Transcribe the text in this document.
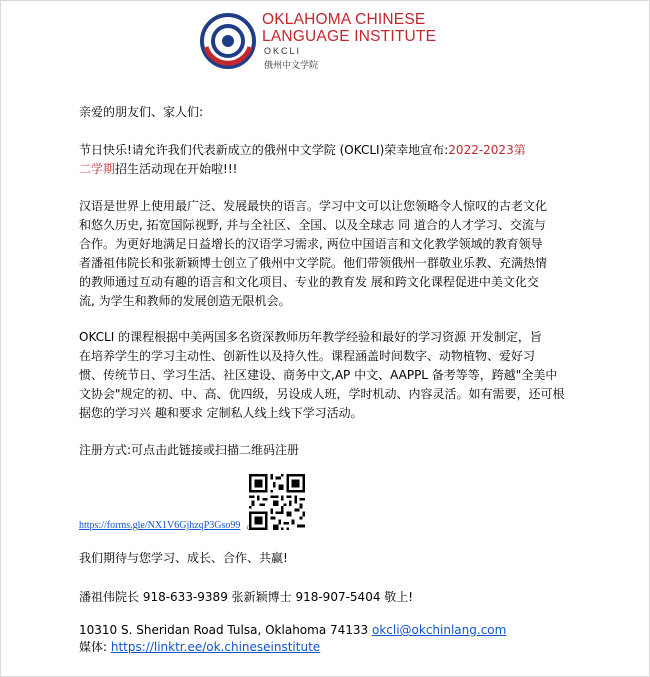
OKLAHOMA CHINESE
LANGUAGE INSTITUTE
OKCLI
俄州中文学院
亲爱的朋友们、家人们:
节日快乐!请允许我们代表新成立的俄州中文学院 (OKCLI)荣幸地宣布:2022-2023第
二学期招生活动现在开始啦!!!
汉语是世界上使用最广泛、发展最快的语言。学习中文可以让您领略令人惊叹的古老文化
和悠久历史, 拓宽国际视野, 并与全社区、全国、以及全球志 同 道合的人才学习、交流与
合作。为更好地满足日益增长的汉语学习需求, 两位中国语言和文化教学领域的教育领导
者潘祖伟院长和张新颖博士创立了俄州中文学院。他们带领俄州一群敬业乐教、充满热情
的教师通过互动有趣的语言和文化项目、专业的教育发 展和跨文化课程促进中美文化交
流, 为学生和教师的发展创造无限机会。
OKCLI 的课程根据中美两国多名资深教师历年教学经验和最好的学习资源 开发制定，旨
在培养学生的学习主动性、创新性以及持久性。课程涵盖时间数字、动物植物、爱好习
惯、传统节日、学习生活、社区建设、商务中文,AP 中文、AAPPL 备考等等，跨越"全美中
文协会"规定的初、中、高、优四级，另设成人班，学时机动、内容灵活。如有需要，还可根
据您的学习兴 趣和要求 定制私人线上线下学习活动。
注册方式:可点击此链接或扫描二维码注册
https://forms.gle/NX1V6GjhzqP3Gso99 。
我们期待与您学习、成长、合作、共赢!
潘祖伟院长 918-633-9389 张新颖博士 918-907-5404 敬上!
10310 S. Sheridan Road Tulsa, Oklahoma 74133 okcli@okchinlang.com
媒体: https://linktr.ee/ok.chineseinstitute
